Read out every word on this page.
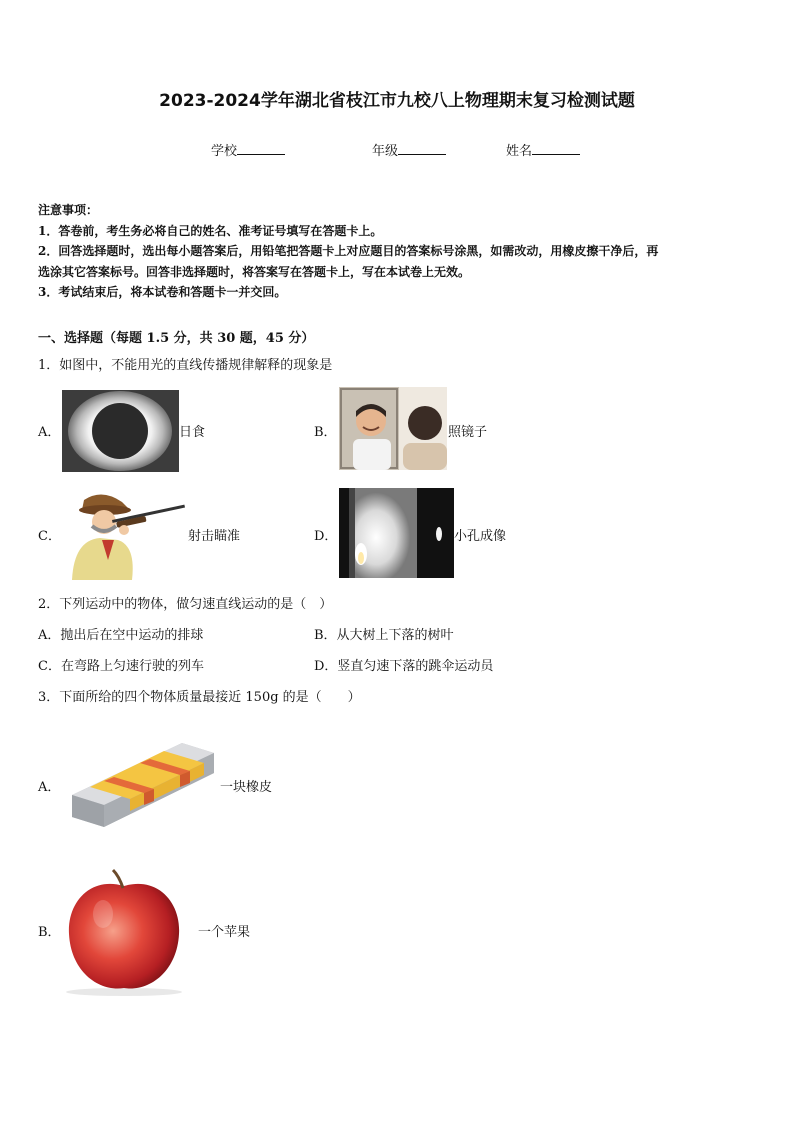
2023-2024学年湖北省枝江市九校八上物理期末复习检测试题
学校	年级	姓名
注意事项：
1．答卷前，考生务必将自己的姓名、准考证号填写在答题卡上。
2．回答选择题时，选出每小题答案后，用铅笔把答题卡上对应题目的答案标号涂黑，如需改动，用橡皮擦干净后，再
选涂其它答案标号。回答非选择题时，将答案写在答题卡上，写在本试卷上无效。
3．考试结束后，将本试卷和答题卡一并交回。
一、选择题（每题 1.5 分，共 30 题，45 分）
1．如图中，不能用光的直线传播规律解释的现象是
A．	日食	B．	照镜子
C．	射击瞄准	D．	小孔成像
2．下列运动中的物体，做匀速直线运动的是（　）
A．抛出后在空中运动的排球	B．从大树上下落的树叶
C．在弯路上匀速行驶的列车	D．竖直匀速下落的跳伞运动员
3．下面所给的四个物体质量最接近 150g 的是（　　）
A．	一块橡皮
B．	一个苹果
